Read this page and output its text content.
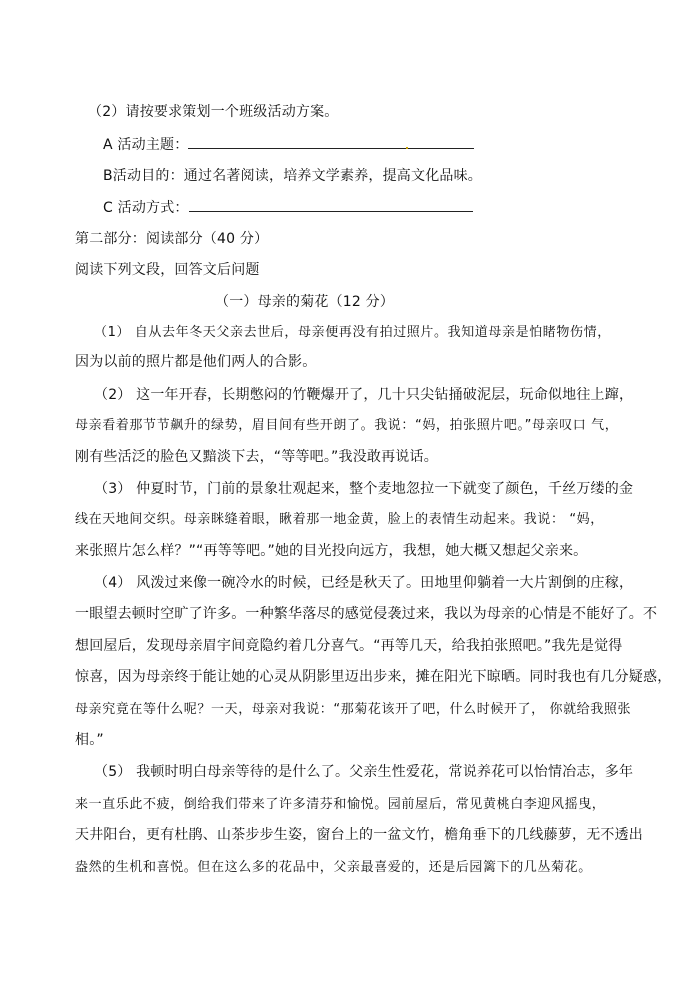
（2）请按要求策划一个班级活动方案。
A 活动主题：
B活动目的：通过名著阅读，培养文学素养，提高文化品味。
C 活动方式：
第二部分：阅读部分（40 分）
阅读下列文段，回答文后问题
（一）母亲的菊花（12 分）
（1） 自从去年冬天父亲去世后，母亲便再没有拍过照片。我知道母亲是怕睹物伤情，
因为以前的照片都是他们两人的合影。
（2） 这一年开春，长期憋闷的竹鞭爆开了，几十只尖钻捅破泥层，玩命似地往上蹿，
母亲看着那节节飙升的绿势，眉目间有些开朗了。我说：“妈，拍张照片吧。”母亲叹口 气，
刚有些活泛的脸色又黯淡下去，“等等吧。”我没敢再说话。
（3） 仲夏时节，门前的景象壮观起来，整个麦地忽拉一下就变了颜色，千丝万缕的金
线在天地间交织。母亲眯缝着眼，瞅着那一地金黄，脸上的表情生动起来。我说： “妈，
来张照片怎么样？”“再等等吧。”她的目光投向远方，我想，她大概又想起父亲来。
（4） 风泼过来像一碗冷水的时候，已经是秋天了。田地里仰躺着一大片割倒的庄稼，
一眼望去顿时空旷了许多。一种繁华落尽的感觉侵袭过来，我以为母亲的心情是不能好了。不
想回屋后，发现母亲眉宇间竟隐约着几分喜气。“再等几天，给我拍张照吧。”我先是觉得
惊喜，因为母亲终于能让她的心灵从阴影里迈出步来，摊在阳光下晾晒。同时我也有几分疑惑，
母亲究竟在等什么呢？一天，母亲对我说：“那菊花该开了吧，什么时候开了， 你就给我照张
相。”
（5） 我顿时明白母亲等待的是什么了。父亲生性爱花，常说养花可以怡情冶志，多年
来一直乐此不疲，倒给我们带来了许多清芬和愉悦。园前屋后，常见黄桃白李迎风摇曳，
天井阳台，更有杜鹃、山茶步步生姿，窗台上的一盆文竹，檐角垂下的几线藤萝，无不透出
盎然的生机和喜悦。但在这么多的花品中，父亲最喜爱的，还是后园篱下的几丛菊花。
